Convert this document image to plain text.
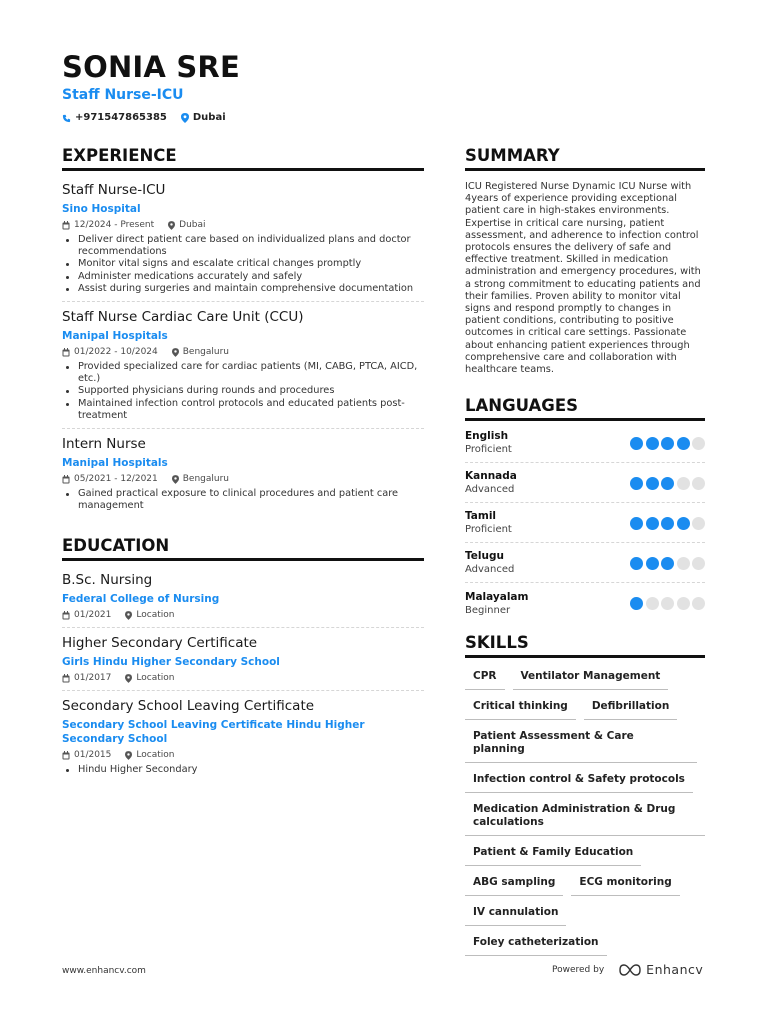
SONIA SRE
Staff Nurse-ICU
+971547865385	Dubai
EXPERIENCE
Staff Nurse-ICU
Sino Hospital
12/2024 - Present	Dubai
Deliver direct patient care based on individualized plans and doctor recommendations
Monitor vital signs and escalate critical changes promptly
Administer medications accurately and safely
Assist during surgeries and maintain comprehensive documentation
Staff Nurse Cardiac Care Unit (CCU)
Manipal Hospitals
01/2022 - 10/2024	Bengaluru
Provided specialized care for cardiac patients (MI, CABG, PTCA, AICD, etc.)
Supported physicians during rounds and procedures
Maintained infection control protocols and educated patients post-treatment
Intern Nurse
Manipal Hospitals
05/2021 - 12/2021	Bengaluru
Gained practical exposure to clinical procedures and patient care management
EDUCATION
B.Sc. Nursing
Federal College of Nursing
01/2021	Location
Higher Secondary Certificate
Girls Hindu Higher Secondary School
01/2017	Location
Secondary School Leaving Certificate
Secondary School Leaving Certificate Hindu Higher Secondary School
01/2015	Location
Hindu Higher Secondary
SUMMARY
ICU Registered Nurse Dynamic ICU Nurse with 4years of experience providing exceptional patient care in high-stakes environments. Expertise in critical care nursing, patient assessment, and adherence to infection control protocols ensures the delivery of safe and effective treatment. Skilled in medication administration and emergency procedures, with a strong commitment to educating patients and their families. Proven ability to monitor vital signs and respond promptly to changes in patient conditions, contributing to positive outcomes in critical care settings. Passionate about enhancing patient experiences through comprehensive care and collaboration with healthcare teams.
LANGUAGES
English
Proficient
Kannada
Advanced
Tamil
Proficient
Telugu
Advanced
Malayalam
Beginner
SKILLS
CPR	Ventilator Management
Critical thinking	Defibrillation
Patient Assessment & Care planning
Infection control & Safety protocols
Medication Administration & Drug calculations
Patient & Family Education
ABG sampling	ECG monitoring
IV cannulation
Foley catheterization
www.enhancv.com	Powered by	Enhancv
